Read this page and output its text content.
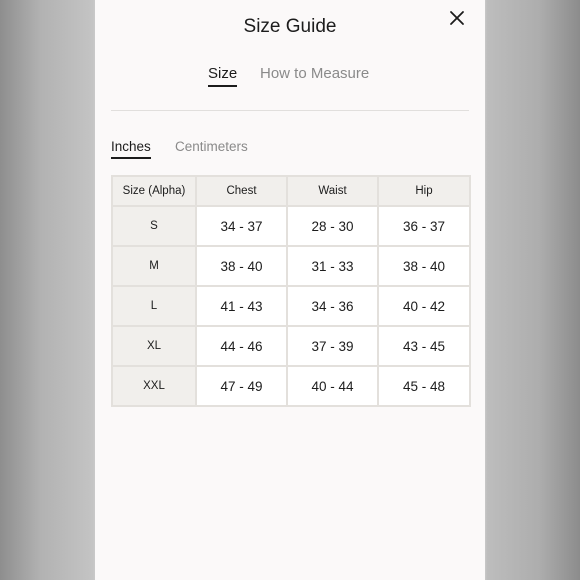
Size Guide
Size How to Measure
Inches Centimeters
Size (Alpha)	Chest	Waist	Hip
S	34 - 37	28 - 30	36 - 37
M	38 - 40	31 - 33	38 - 40
L	41 - 43	34 - 36	40 - 42
XL	44 - 46	37 - 39	43 - 45
XXL	47 - 49	40 - 44	45 - 48
